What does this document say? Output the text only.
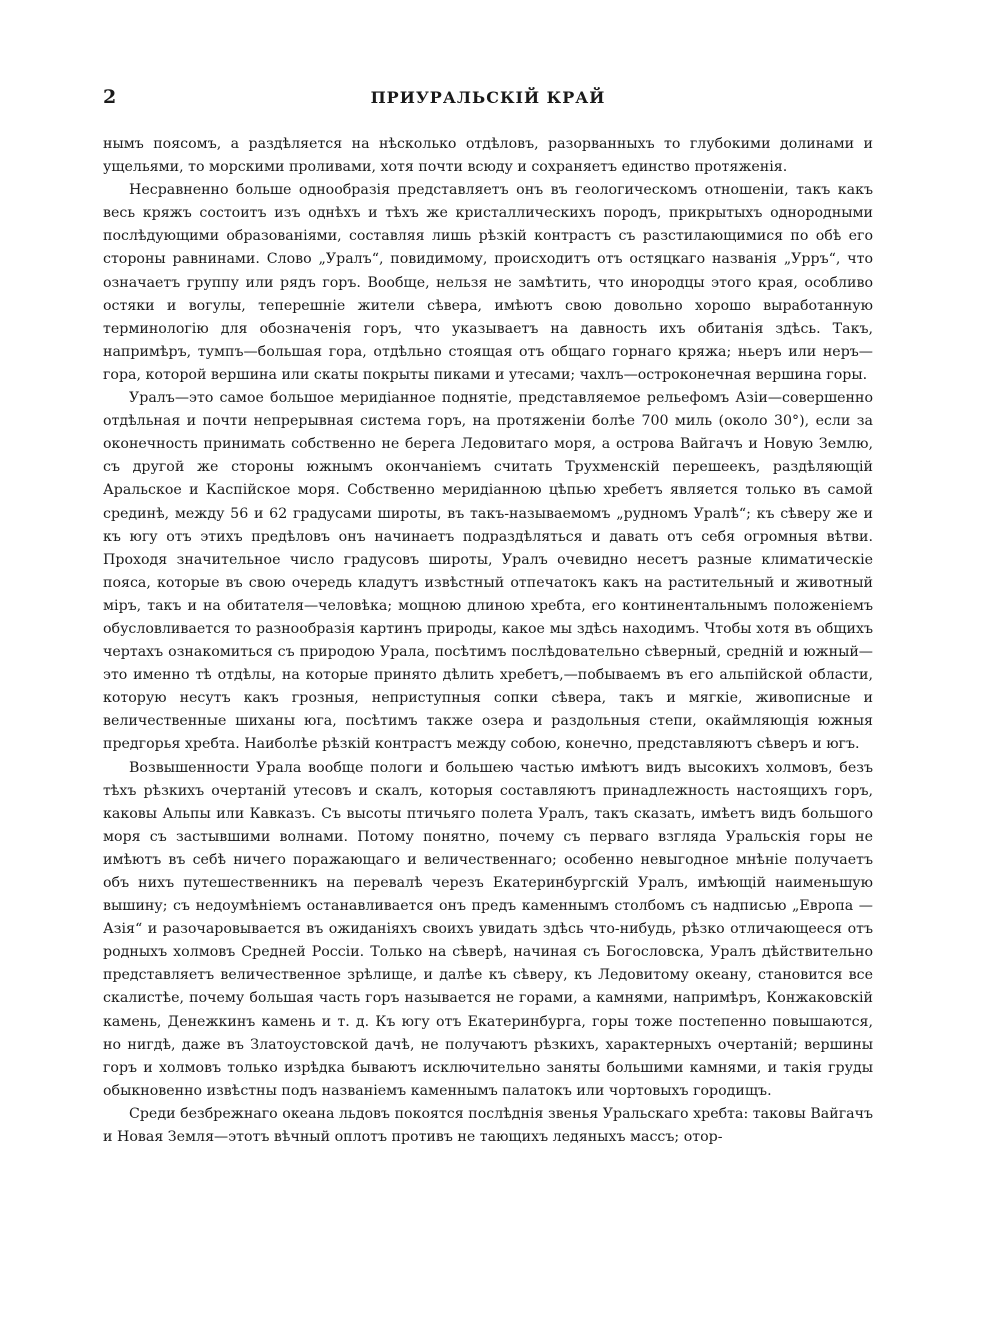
2	ПРИУРАЛЬСКІЙ КРАЙ

нымъ поясомъ, а раздѣляется на нѣсколько отдѣловъ, разорванныхъ то глубокими долинами и ущельями, то морскими проливами, хотя почти всюду и сохраняетъ единство протяженія.

Несравненно больше однообразія представляетъ онъ въ геологическомъ отношеніи, такъ какъ весь кряжъ состоитъ изъ однѣхъ и тѣхъ же кристаллическихъ породъ, прикрытыхъ однородными послѣдующими образованіями, составляя лишь рѣзкій контрастъ съ разстилающимися по обѣ его стороны равнинами. Слово „Уралъ“, повидимому, происходитъ отъ остяцкаго названія „Урръ“, что означаетъ группу или рядъ горъ. Вообще, нельзя не замѣтить, что инородцы этого края, особливо остяки и вогулы, теперешніе жители сѣвера, имѣютъ свою довольно хорошо выработанную терминологію для обозначенія горъ, что указываетъ на давность ихъ обитанія здѣсь. Такъ, напримѣръ, тумпъ—большая гора, отдѣльно стоящая отъ общаго горнаго кряжа; ньеръ или неръ—гора, которой вершина или скаты покрыты пиками и утесами; чахлъ—остроконечная вершина горы.

Уралъ—это самое большое меридіанное поднятіе, представляемое рельефомъ Азіи—совершенно отдѣльная и почти непрерывная система горъ, на протяженіи болѣе 700 миль (около 30°), если за оконечность принимать собственно не берега Ледовитаго моря, а острова Вайгачъ и Новую Землю, съ другой же стороны южнымъ окончаніемъ считать Трухменскій перешеекъ, раздѣляющій Аральское и Каспійское моря. Собственно меридіанною цѣпью хребетъ является только въ самой срединѣ, между 56 и 62 градусами широты, въ такъ-называемомъ „рудномъ Уралѣ“; къ сѣверу же и къ югу отъ этихъ предѣловъ онъ начинаетъ подраздѣляться и давать отъ себя огромныя вѣтви. Проходя значительное число градусовъ широты, Уралъ очевидно несетъ разные климатическіе пояса, которые въ свою очередь кладутъ извѣстный отпечатокъ какъ на растительный и животный міръ, такъ и на обитателя—человѣка; мощною длиною хребта, его континентальнымъ положеніемъ обусловливается то разнообразія картинъ природы, какое мы здѣсь находимъ. Чтобы хотя въ общихъ чертахъ ознакомиться съ природою Урала, посѣтимъ послѣдовательно сѣверный, средній и южный—это именно тѣ отдѣлы, на которые принято дѣлить хребетъ,—побываемъ въ его альпійской области, которую несутъ какъ грозныя, неприступныя сопки сѣвера, такъ и мягкіе, живописные и величественные шиханы юга, посѣтимъ также озера и раздольныя степи, окаймляющія южныя предгорья хребта. Наиболѣе рѣзкій контрастъ между собою, конечно, представляютъ сѣверъ и югъ.

Возвышенности Урала вообще пологи и большею частью имѣютъ видъ высокихъ холмовъ, безъ тѣхъ рѣзкихъ очертаній утесовъ и скалъ, которыя составляютъ принадлежность настоящихъ горъ, каковы Альпы или Кавказъ. Съ высоты птичьяго полета Уралъ, такъ сказать, имѣетъ видъ большого моря съ застывшими волнами. Потому понятно, почему съ перваго взгляда Уральскія горы не имѣютъ въ себѣ ничего поражающаго и величественнаго; особенно невыгодное мнѣніе получаетъ объ нихъ путешественникъ на перевалѣ черезъ Екатеринбургскій Уралъ, имѣющій наименьшую вышину; съ недоумѣніемъ останавливается онъ предъ каменнымъ столбомъ съ надписью „Европа — Азія“ и разочаровывается въ ожиданіяхъ своихъ увидать здѣсь что-нибудь, рѣзко отличающееся отъ родныхъ холмовъ Средней Россіи. Только на сѣверѣ, начиная съ Богословска, Уралъ дѣйствительно представляетъ величественное зрѣлище, и далѣе къ сѣверу, къ Ледовитому океану, становится все скалистѣе, почему большая часть горъ называется не горами, а камнями, напримѣръ, Конжаковскій камень, Денежкинъ камень и т. д. Къ югу отъ Екатеринбурга, горы тоже постепенно повышаются, но нигдѣ, даже въ Златоустовской дачѣ, не получаютъ рѣзкихъ, характерныхъ очертаній; вершины горъ и холмовъ только изрѣдка бываютъ исключительно заняты большими камнями, и такія груды обыкновенно извѣстны подъ названіемъ каменнымъ палатокъ или чортовыхъ городищъ.

Среди безбрежнаго океана льдовъ покоятся послѣднія звенья Уральскаго хребта: таковы Вайгачъ и Новая Земля—этотъ вѣчный оплотъ противъ не тающихъ ледяныхъ массъ; отор-
